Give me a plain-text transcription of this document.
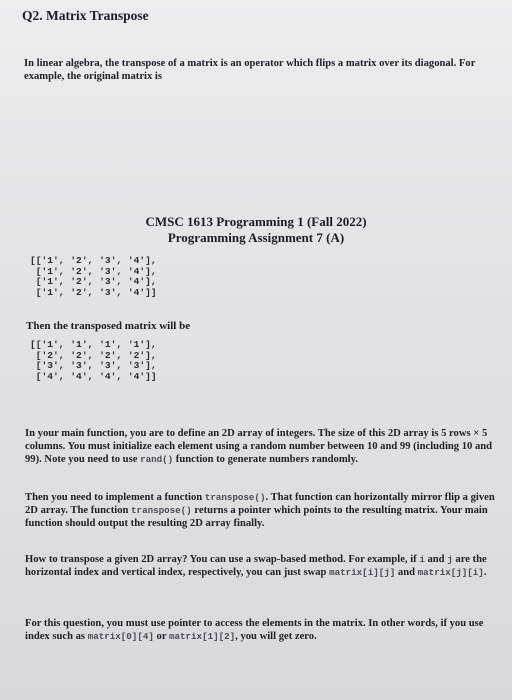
Q2. Matrix Transpose
In linear algebra, the transpose of a matrix is an operator which flips a matrix over its diagonal. For example, the original matrix is
CMSC 1613 Programming 1 (Fall 2022)
Programming Assignment 7 (A)
[['1', '2', '3', '4'],
['1', '2', '3', '4'],
['1', '2', '3', '4'],
['1', '2', '3', '4']]
Then the transposed matrix will be
[['1', '1', '1', '1'],
['2', '2', '2', '2'],
['3', '3', '3', '3'],
['4', '4', '4', '4']]
In your main function, you are to define an 2D array of integers. The size of this 2D array is 5 rows × 5 columns. You must initialize each element using a random number between 10 and 99 (including 10 and 99). Note you need to use rand() function to generate numbers randomly.
Then you need to implement a function transpose(). That function can horizontally mirror flip a given 2D array. The function transpose() returns a pointer which points to the resulting matrix. Your main function should output the resulting 2D array finally.
How to transpose a given 2D array? You can use a swap-based method. For example, if i and j are the horizontal index and vertical index, respectively, you can just swap matrix[i][j] and matrix[j][i].
For this question, you must use pointer to access the elements in the matrix. In other words, if you use index such as matrix[0][4] or matrix[1][2], you will get zero.
